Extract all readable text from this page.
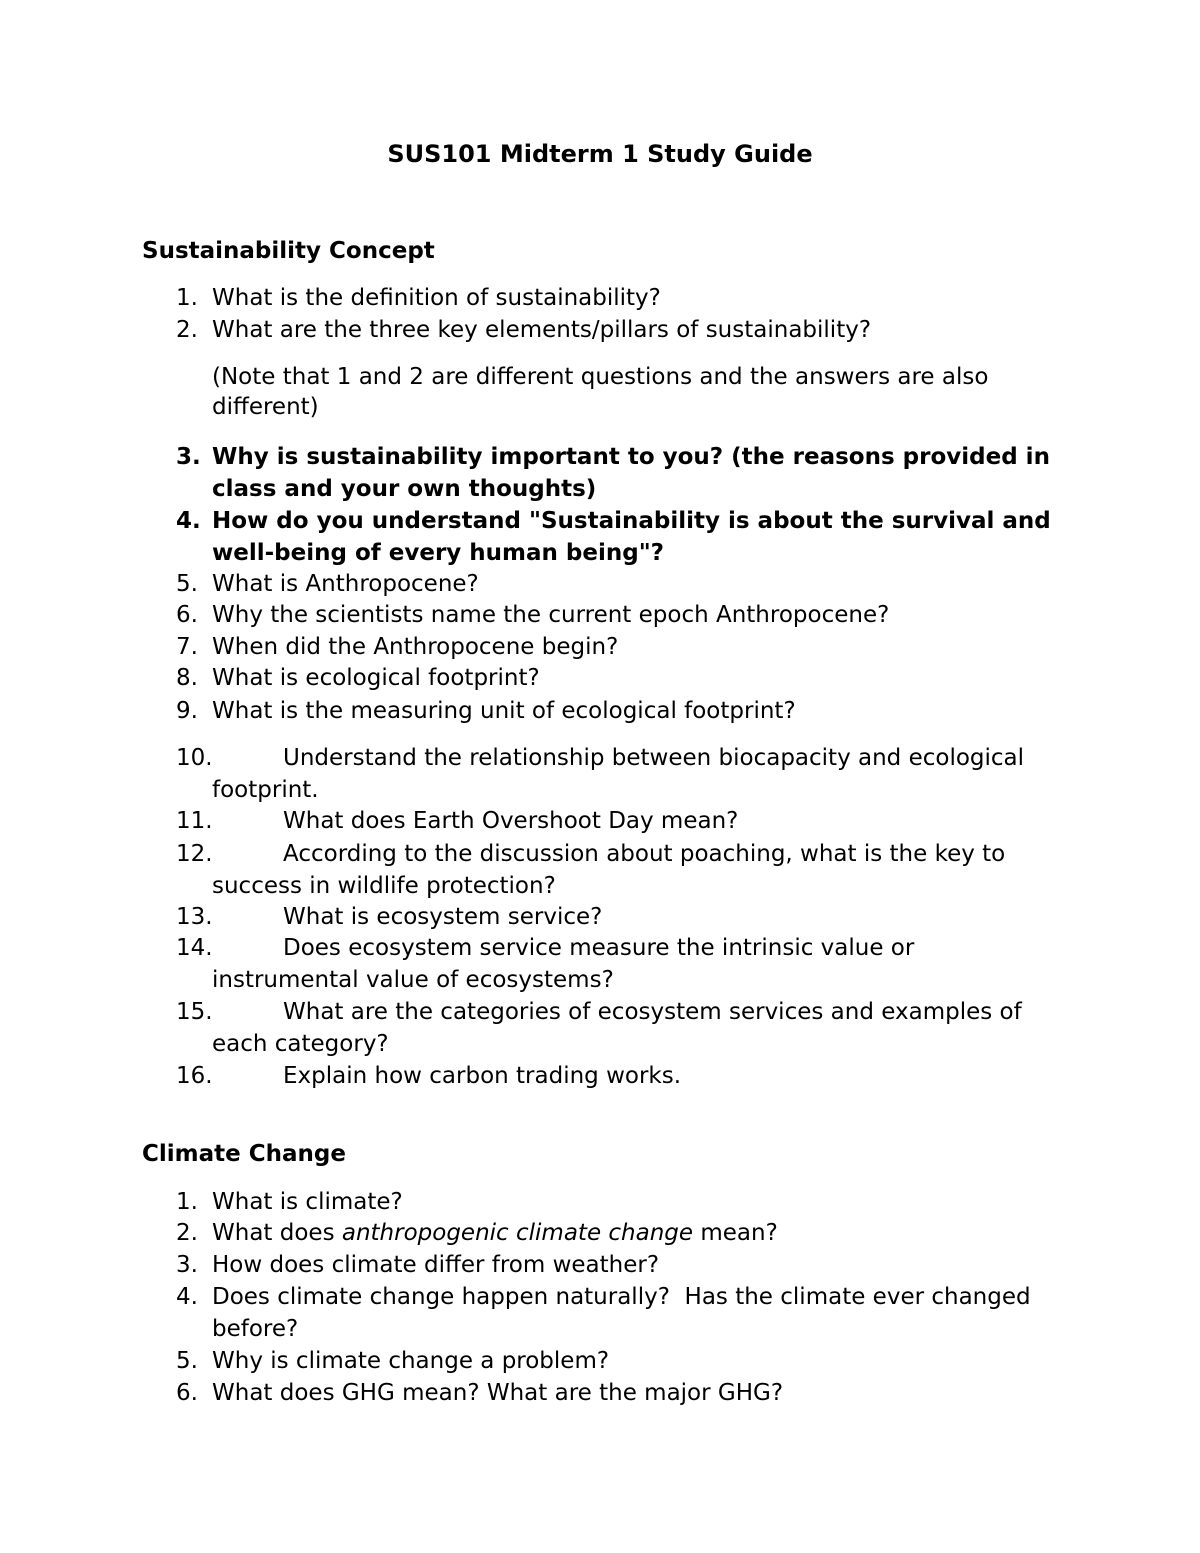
SUS101 Midterm 1 Study Guide
Sustainability Concept

1. What is the definition of sustainability?

2. What are the three key elements/pillars of sustainability?

(Note that 1 and 2 are different questions and the answers are also different)

3. Why is sustainability important to you? (the reasons provided in class and your own thoughts)

4. How do you understand "Sustainability is about the survival and well-being of every human being"?

5. What is Anthropocene?

6. Why the scientists name the current epoch Anthropocene?

7. When did the Anthropocene begin?

8. What is ecological footprint?

9. What is the measuring unit of ecological footprint?

10.	Understand the relationship between biocapacity and ecological
footprint.

11.	What does Earth Overshoot Day mean?

12.	According to the discussion about poaching, what is the key to
success in wildlife protection?

13.	What is ecosystem service?

14.	Does ecosystem service measure the intrinsic value or
instrumental value of ecosystems?

15.	What are the categories of ecosystem services and examples of
each category?

16.	Explain how carbon trading works.

Climate Change

1. What is climate?

2. What does anthropogenic climate change mean?

3. How does climate differ from weather?

4. Does climate change happen naturally?  Has the climate ever changed before?

5. Why is climate change a problem?

6. What does GHG mean? What are the major GHG?
